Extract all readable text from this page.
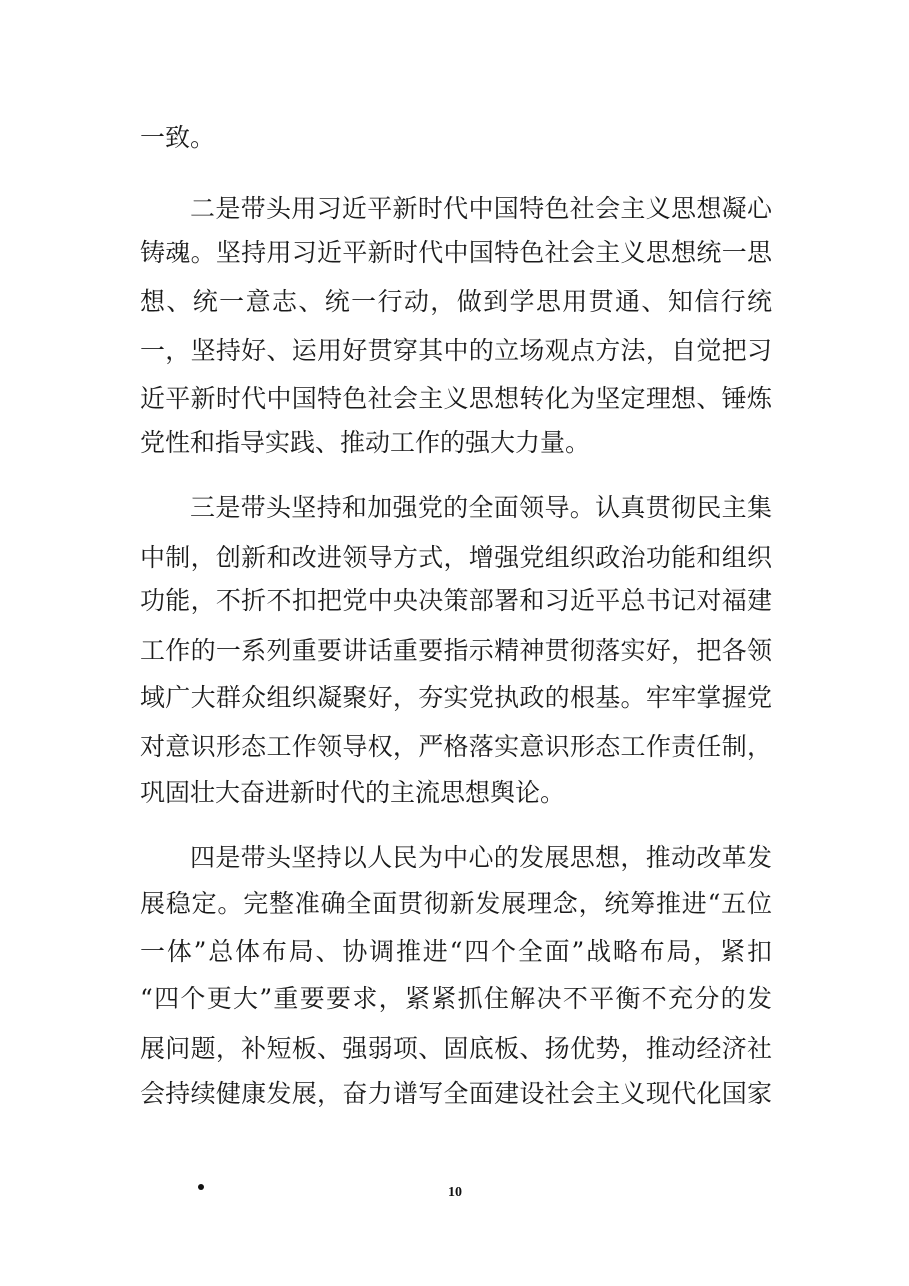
一致。
二是带头用习近平新时代中国特色社会主义思想凝心
铸魂。坚持用习近平新时代中国特色社会主义思想统一思
想、统一意志、统一行动，做到学思用贯通、知信行统
一，坚持好、运用好贯穿其中的立场观点方法，自觉把习
近平新时代中国特色社会主义思想转化为坚定理想、锤炼
党性和指导实践、推动工作的强大力量。
三是带头坚持和加强党的全面领导。认真贯彻民主集
中制，创新和改进领导方式，增强党组织政治功能和组织
功能，不折不扣把党中央决策部署和习近平总书记对福建
工作的一系列重要讲话重要指示精神贯彻落实好，把各领
域广大群众组织凝聚好，夯实党执政的根基。牢牢掌握党
对意识形态工作领导权，严格落实意识形态工作责任制，
巩固壮大奋进新时代的主流思想舆论。
四是带头坚持以人民为中心的发展思想，推动改革发
展稳定。完整准确全面贯彻新发展理念，统筹推进“五位
一体”总体布局、协调推进“四个全面”战略布局，紧扣
“四个更大”重要要求，紧紧抓住解决不平衡不充分的发
展问题，补短板、强弱项、固底板、扬优势，推动经济社
会持续健康发展，奋力谱写全面建设社会主义现代化国家
10
